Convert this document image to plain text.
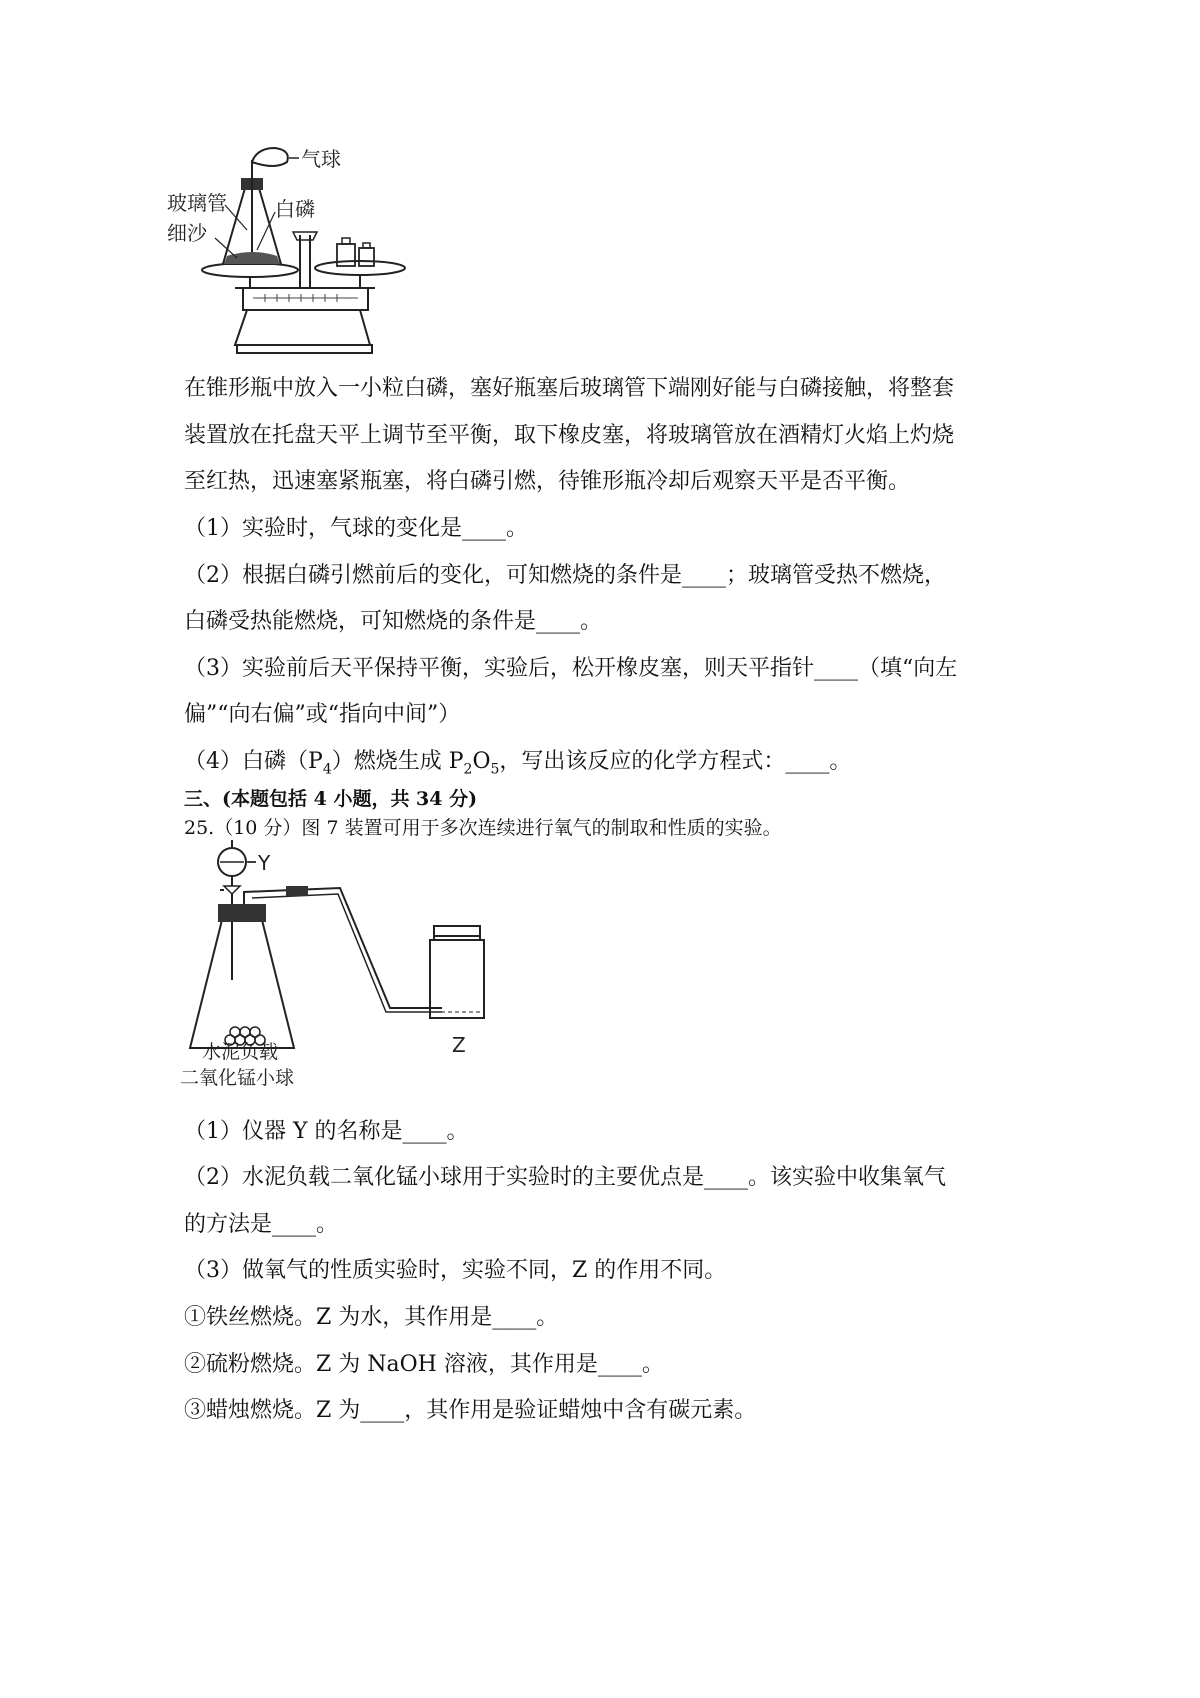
气球
玻璃管 白磷
细沙
在锥形瓶中放入一小粒白磷，塞好瓶塞后玻璃管下端刚好能与白磷接触，将整套
装置放在托盘天平上调节至平衡，取下橡皮塞，将玻璃管放在酒精灯火焰上灼烧
至红热，迅速塞紧瓶塞，将白磷引燃，待锥形瓶冷却后观察天平是否平衡。
（1）实验时，气球的变化是____。
（2）根据白磷引燃前后的变化，可知燃烧的条件是____；玻璃管受热不燃烧，
白磷受热能燃烧，可知燃烧的条件是____。
（3）实验前后天平保持平衡，实验后，松开橡皮塞，则天平指针____（填“向左
偏”“向右偏”或“指向中间”）
（4）白磷$(P_4)$燃烧生成 $P_2O_5$，写出该反应的化学方程式：____。
三、(本题包括 4 小题，共 34 分)
25.（10 分）图 7 装置可用于多次连续进行氧气的制取和性质的实验。
Y
Z
水泥负载
二氧化锰小球
（1）仪器 Y 的名称是____。
（2）水泥负载二氧化锰小球用于实验时的主要优点是____。该实验中收集氧气
的方法是____。
（3）做氧气的性质实验时，实验不同，Z 的作用不同。
①铁丝燃烧。Z 为水，其作用是____。
②硫粉燃烧。Z 为 NaOH 溶液，其作用是____。
③蜡烛燃烧。Z 为____，其作用是验证蜡烛中含有碳元素。
